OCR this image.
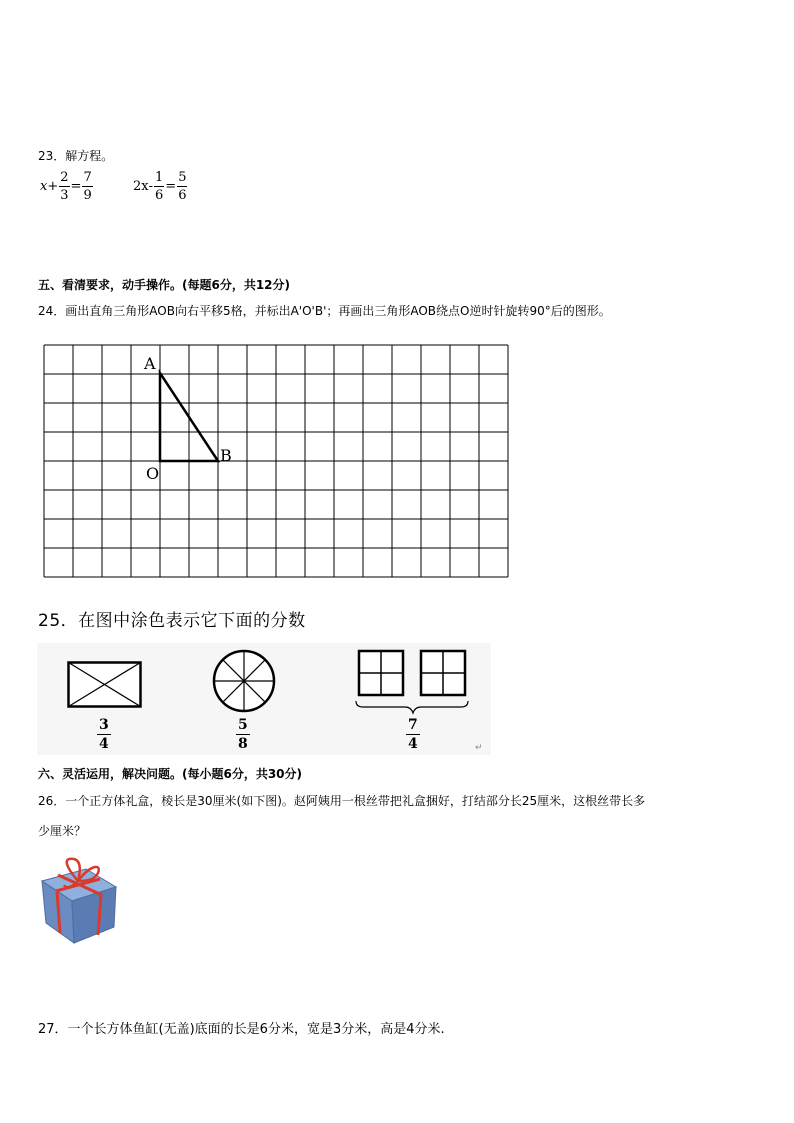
23．解方程。
$x + \frac{2}{3} = \frac{7}{9}$	$2x - \frac{1}{6} = \frac{5}{6}$
五、看清要求，动手操作。(每题6分，共12分)
24．画出直角三角形AOB向右平移5格，并标出A'O'B'；再画出三角形AOB绕点O逆时针旋转90°后的图形。
A
O
B
25．在图中涂色表示它下面的分数
$\frac{3}{4}$	$\frac{5}{8}$	$\frac{7}{4}$	↵
六、灵活运用，解决问题。(每小题6分，共30分)
26．一个正方体礼盒，棱长是30厘米(如下图)。赵阿姨用一根丝带把礼盒捆好，打结部分长25厘米，这根丝带长多
少厘米？
27．一个长方体鱼缸(无盖)底面的长是6分米，宽是3分米，高是4分米.
